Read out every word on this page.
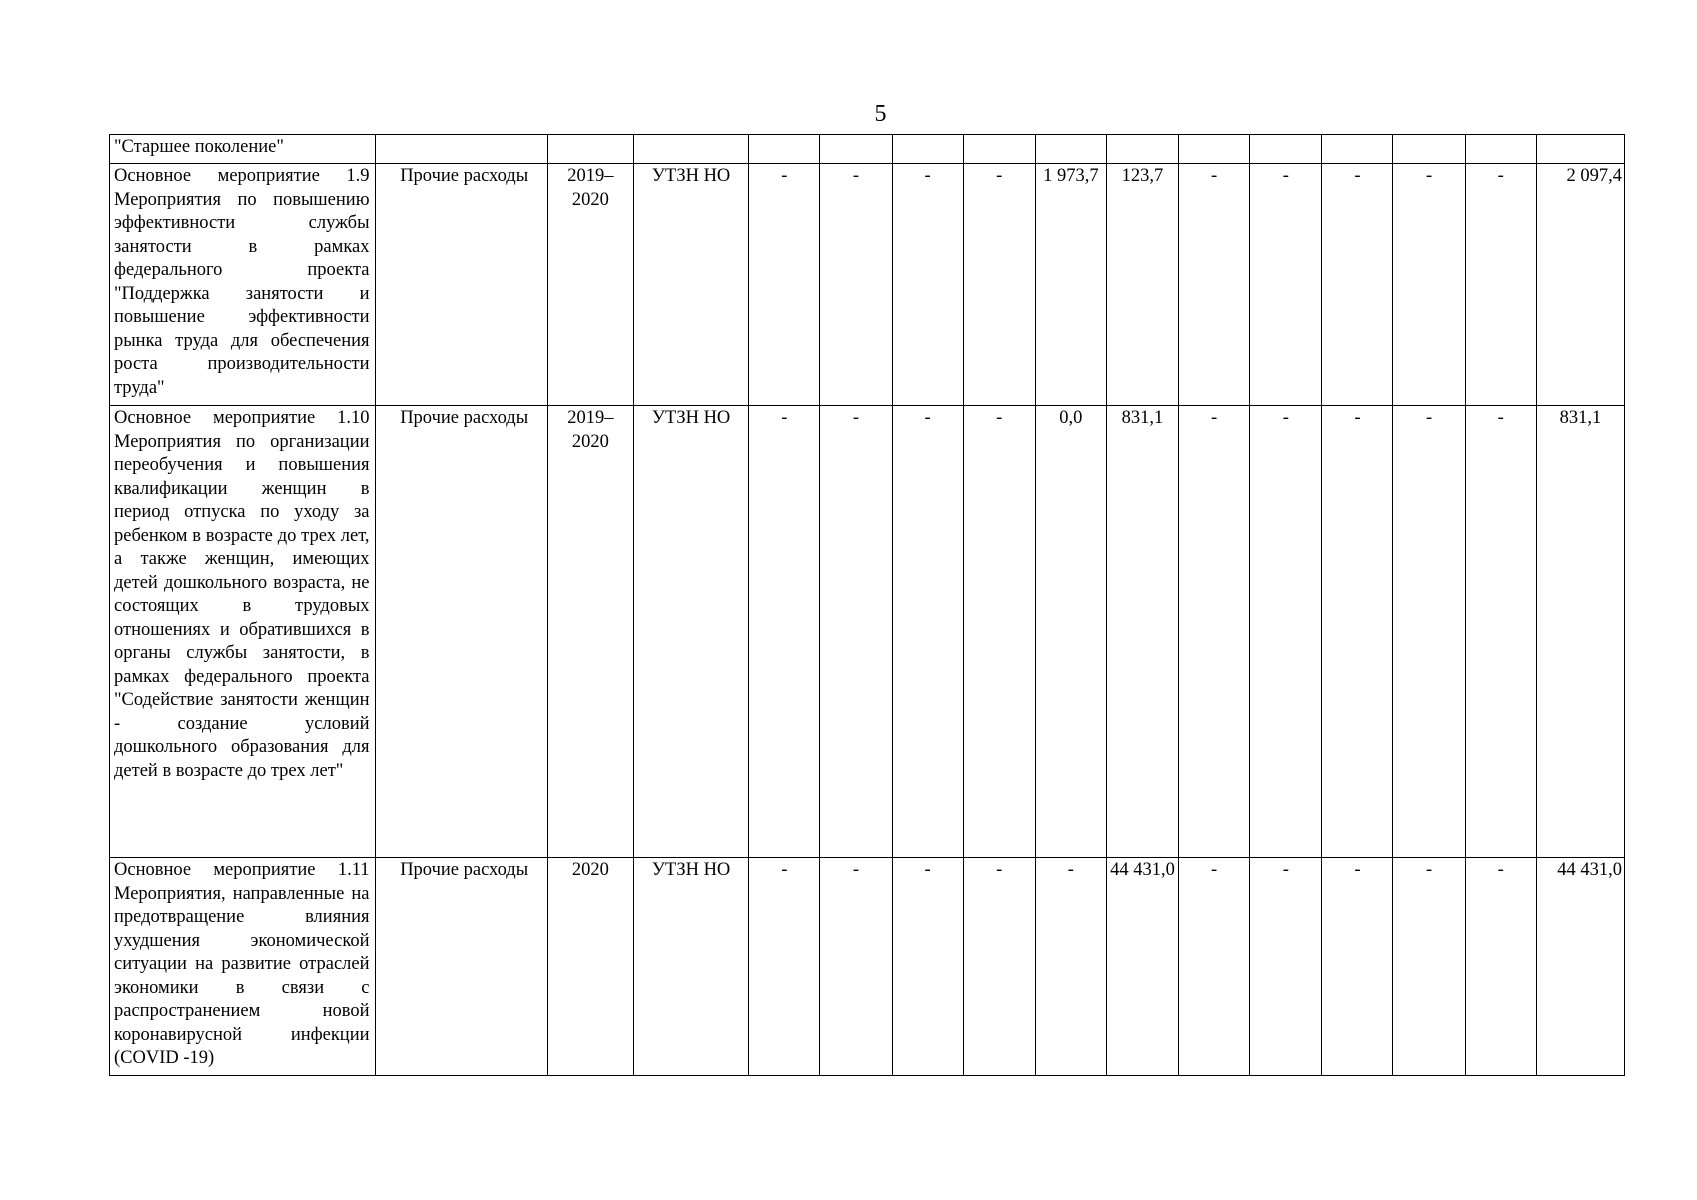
5
"Старшее поколение"															
Основное мероприятие 1.9 Мероприятия по повышению эффективности службы занятости в рамках федерального проекта "Поддержка занятости и повышение эффективности рынка труда для обеспечения роста производительности труда"	Прочие расходы	2019–2020	УТЗН НО	-	-	-	-	1 973,7	123,7	-	-	-	-	-	2 097,4
Основное мероприятие 1.10 Мероприятия по организации переобучения и повышения квалификации женщин в период отпуска по уходу за ребенком в возрасте до трех лет, а также женщин, имеющих детей дошкольного возраста, не состоящих в трудовых отношениях и обратившихся в органы службы занятости, в рамках федерального проекта "Содействие занятости женщин - создание условий дошкольного образования для детей в возрасте до трех лет"	Прочие расходы	2019–2020	УТЗН НО	-	-	-	-	0,0	831,1	-	-	-	-	-	831,1
Основное мероприятие 1.11 Мероприятия, направленные на предотвращение влияния ухудшения экономической ситуации на развитие отраслей экономики в связи с распространением новой коронавирусной инфекции (COVID -19)	Прочие расходы	2020	УТЗН НО	-	-	-	-	-	44 431,0	-	-	-	-	-	44 431,0
